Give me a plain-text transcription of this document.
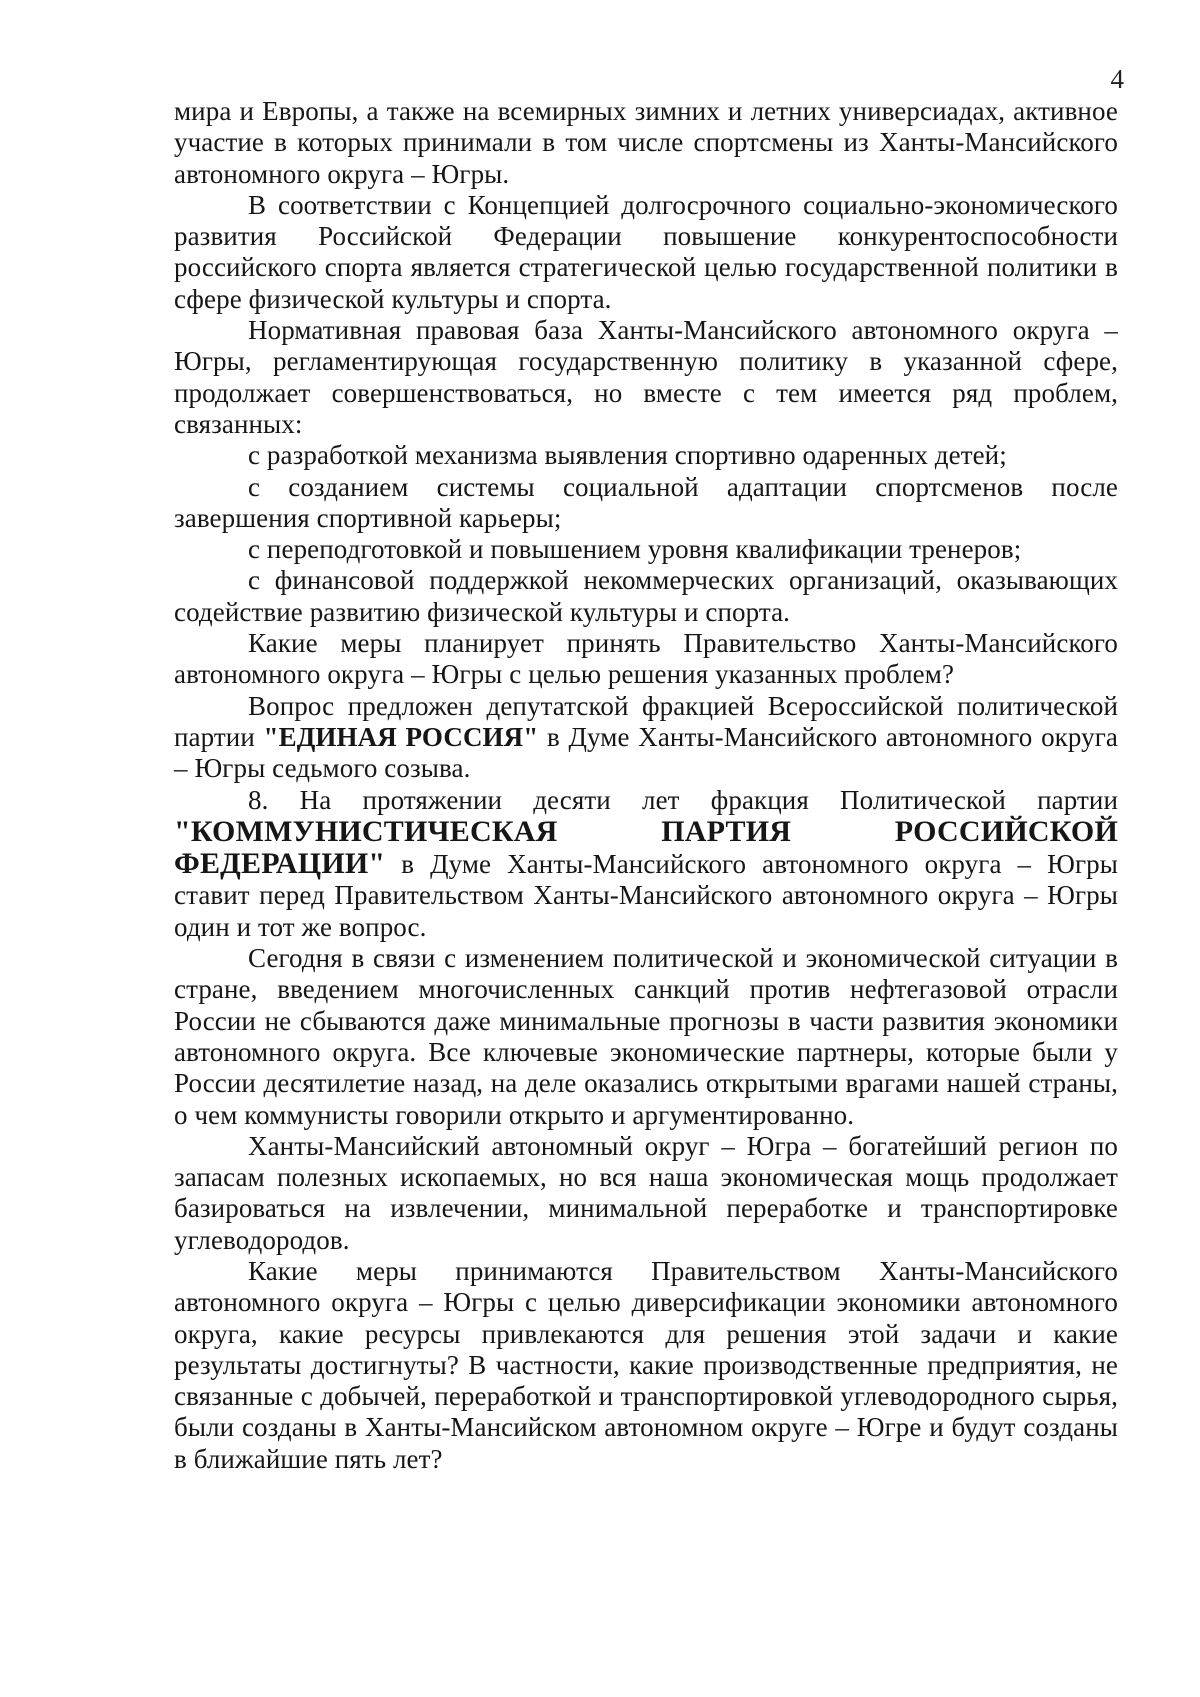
4

мира и Европы, а также на всемирных зимних и летних универсиадах, активное участие в которых принимали в том числе спортсмены из Ханты-Мансийского автономного округа – Югры.

В соответствии с Концепцией долгосрочного социально-экономического развития Российской Федерации повышение конкурентоспособности российского спорта является стратегической целью государственной политики в сфере физической культуры и спорта.

Нормативная правовая база Ханты-Мансийского автономного округа – Югры, регламентирующая государственную политику в указанной сфере, продолжает совершенствоваться, но вместе с тем имеется ряд проблем, связанных:

с разработкой механизма выявления спортивно одаренных детей;

с созданием системы социальной адаптации спортсменов после завершения спортивной карьеры;

с переподготовкой и повышением уровня квалификации тренеров;

с финансовой поддержкой некоммерческих организаций, оказывающих содействие развитию физической культуры и спорта.

Какие меры планирует принять Правительство Ханты-Мансийского автономного округа – Югры с целью решения указанных проблем?

Вопрос предложен депутатской фракцией Всероссийской политической партии "ЕДИНАЯ РОССИЯ" в Думе Ханты-Мансийского автономного округа – Югры седьмого созыва.

8. На протяжении десяти лет фракция Политической партии "КОММУНИСТИЧЕСКАЯ ПАРТИЯ РОССИЙСКОЙ ФЕДЕРАЦИИ" в Думе Ханты-Мансийского автономного округа – Югры ставит перед Правительством Ханты-Мансийского автономного округа – Югры один и тот же вопрос.

Сегодня в связи с изменением политической и экономической ситуации в стране, введением многочисленных санкций против нефтегазовой отрасли России не сбываются даже минимальные прогнозы в части развития экономики автономного округа. Все ключевые экономические партнеры, которые были у России десятилетие назад, на деле оказались открытыми врагами нашей страны, о чем коммунисты говорили открыто и аргументированно.

Ханты-Мансийский автономный округ – Югра – богатейший регион по запасам полезных ископаемых, но вся наша экономическая мощь продолжает базироваться на извлечении, минимальной переработке и транспортировке углеводородов.

Какие меры принимаются Правительством Ханты-Мансийского автономного округа – Югры с целью диверсификации экономики автономного округа, какие ресурсы привлекаются для решения этой задачи и какие результаты достигнуты? В частности, какие производственные предприятия, не связанные с добычей, переработкой и транспортировкой углеводородного сырья, были созданы в Ханты-Мансийском автономном округе – Югре и будут созданы в ближайшие пять лет?
